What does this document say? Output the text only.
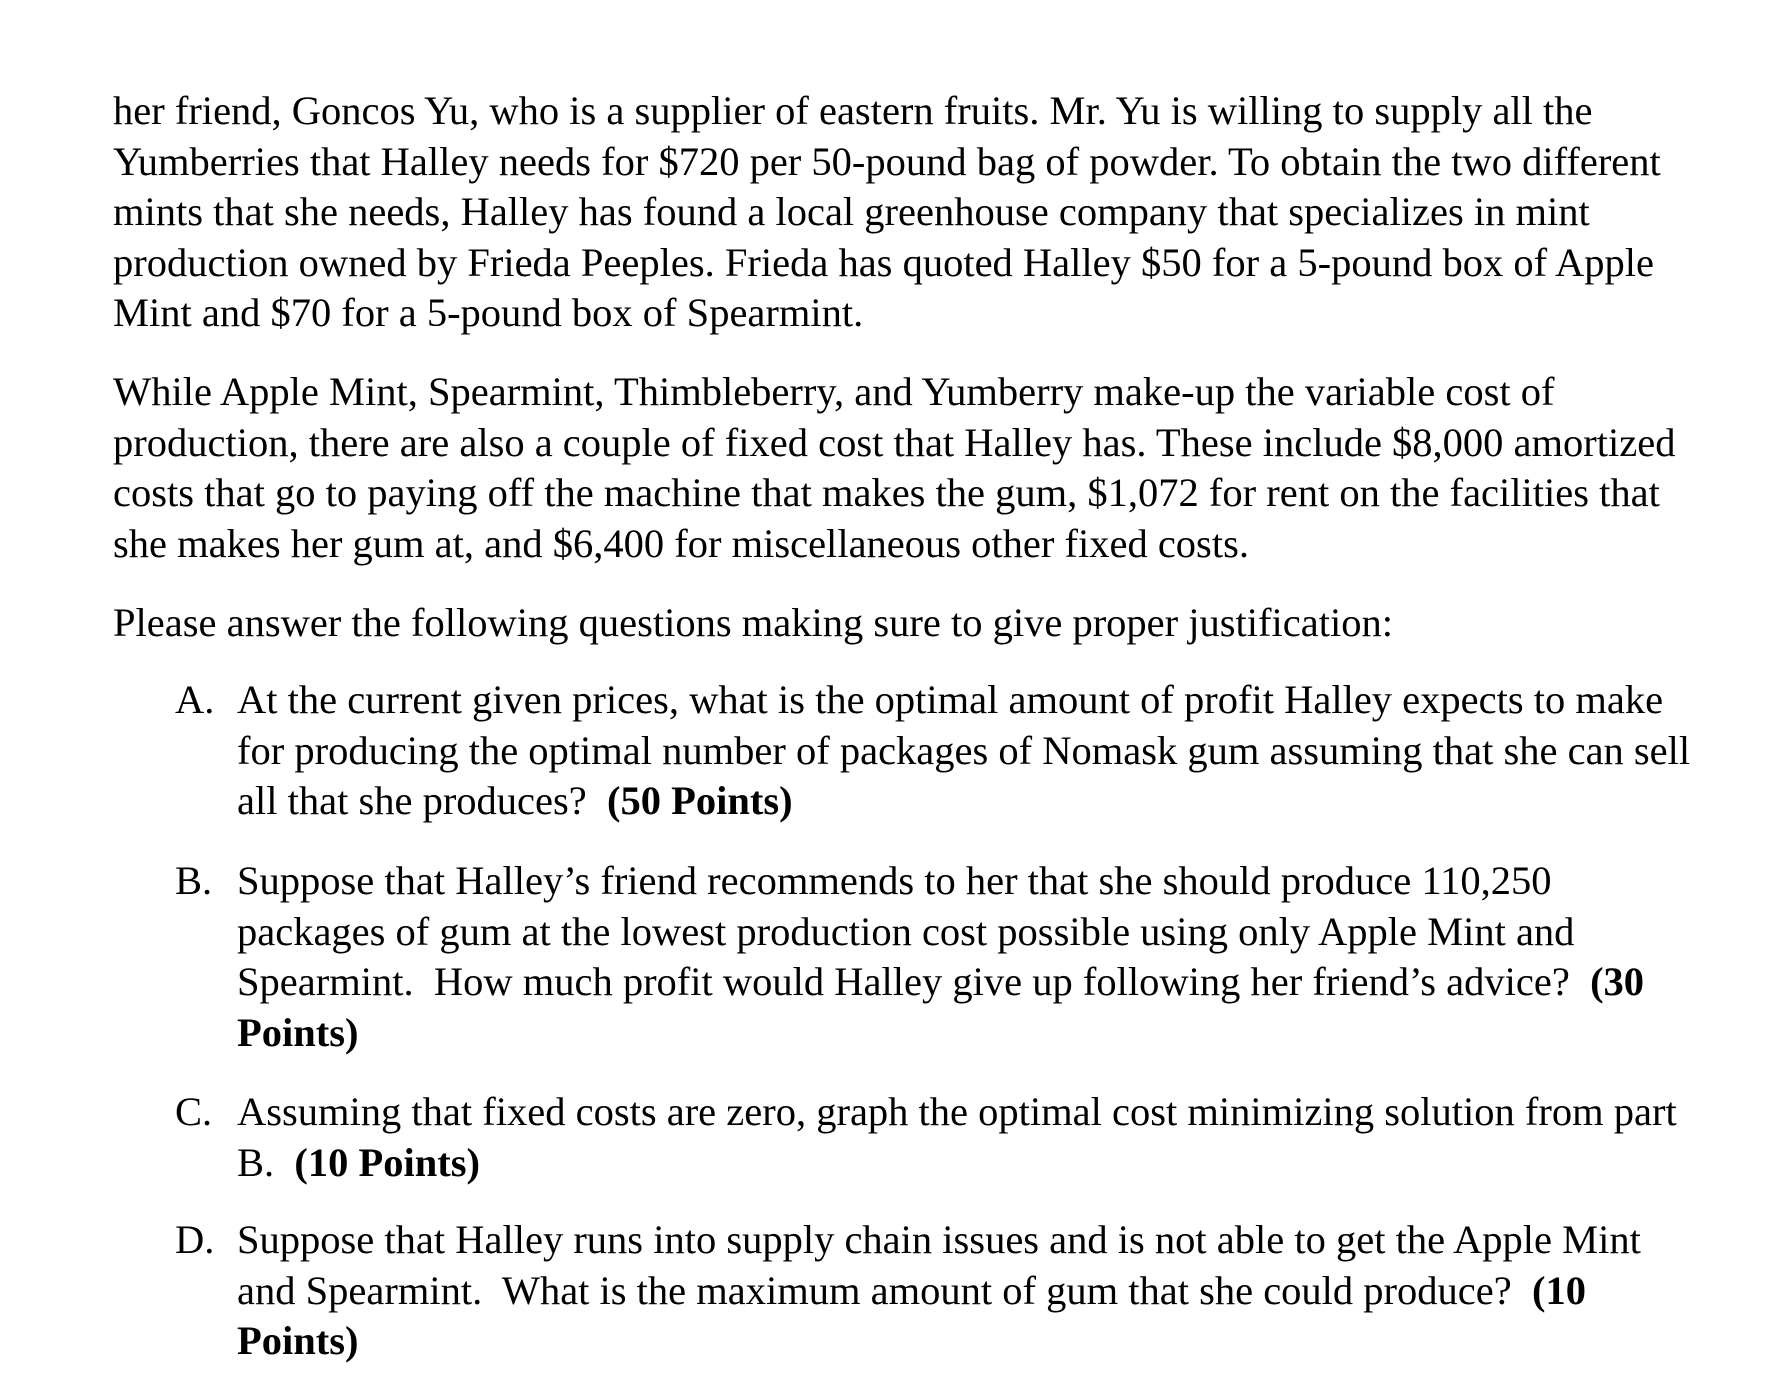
her friend, Goncos Yu, who is a supplier of eastern fruits. Mr. Yu is willing to supply all the
Yumberries that Halley needs for $720 per 50-pound bag of powder. To obtain the two different
mints that she needs, Halley has found a local greenhouse company that specializes in mint
production owned by Frieda Peeples. Frieda has quoted Halley $50 for a 5-pound box of Apple
Mint and $70 for a 5-pound box of Spearmint.
While Apple Mint, Spearmint, Thimbleberry, and Yumberry make-up the variable cost of
production, there are also a couple of fixed cost that Halley has. These include $8,000 amortized
costs that go to paying off the machine that makes the gum, $1,072 for rent on the facilities that
she makes her gum at, and $6,400 for miscellaneous other fixed costs.
Please answer the following questions making sure to give proper justification:
A. At the current given prices, what is the optimal amount of profit Halley expects to make
for producing the optimal number of packages of Nomask gum assuming that she can sell
all that she produces?  (50 Points)
B. Suppose that Halley’s friend recommends to her that she should produce 110,250
packages of gum at the lowest production cost possible using only Apple Mint and
Spearmint.  How much profit would Halley give up following her friend’s advice?  (30
Points)
C. Assuming that fixed costs are zero, graph the optimal cost minimizing solution from part
B.  (10 Points)
D. Suppose that Halley runs into supply chain issues and is not able to get the Apple Mint
and Spearmint.  What is the maximum amount of gum that she could produce?  (10
Points)
